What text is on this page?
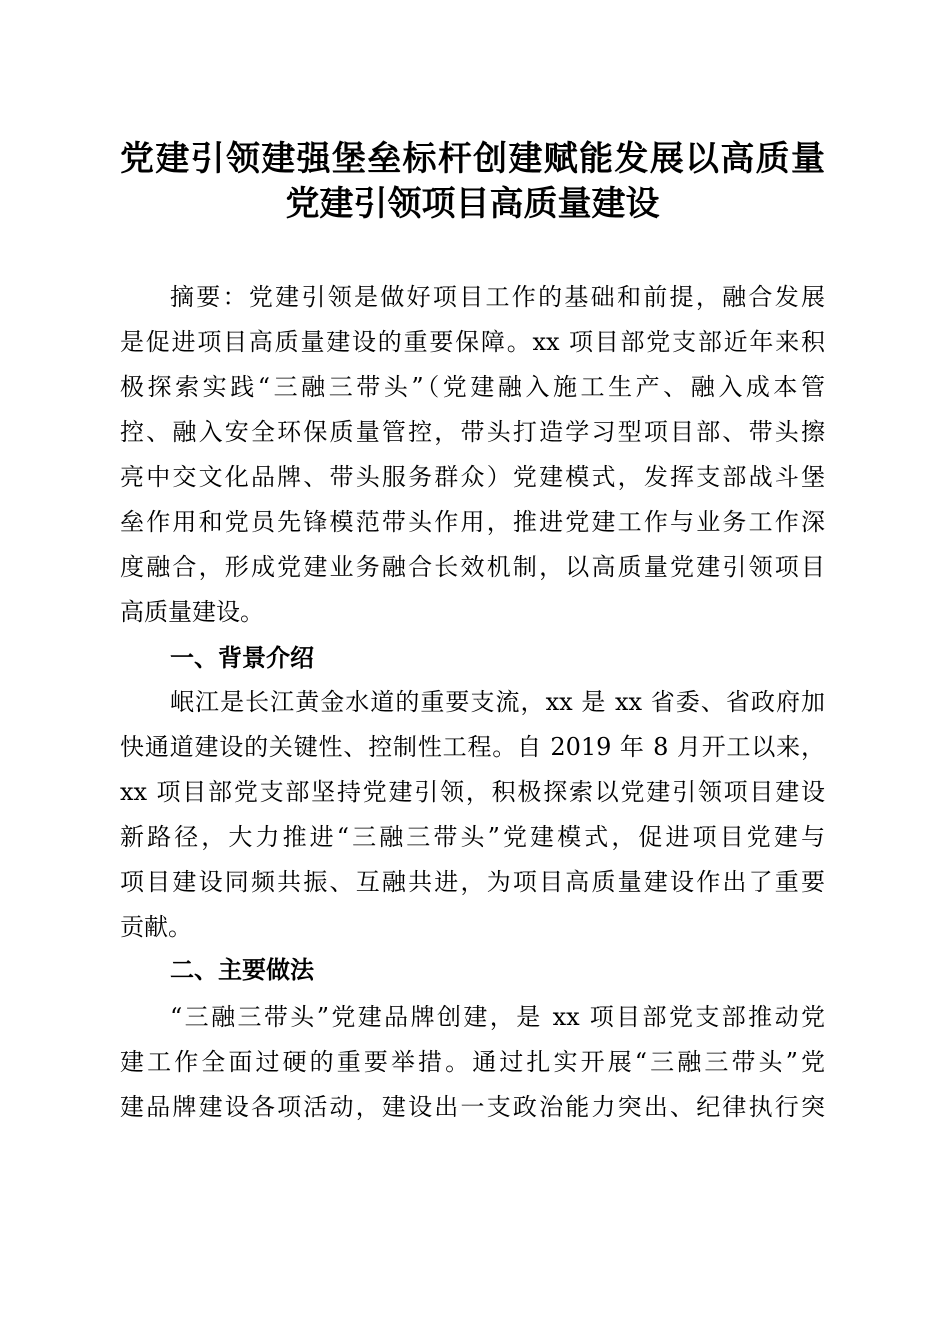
党建引领建强堡垒标杆创建赋能发展以高质量
党建引领项目高质量建设
摘要：党建引领是做好项目工作的基础和前提，融合发展
是促进项目高质量建设的重要保障。xx 项目部党支部近年来积
极探索实践“三融三带头”（党建融入施工生产、融入成本管
控、融入安全环保质量管控，带头打造学习型项目部、带头擦
亮中交文化品牌、带头服务群众）党建模式，发挥支部战斗堡
垒作用和党员先锋模范带头作用，推进党建工作与业务工作深
度融合，形成党建业务融合长效机制，以高质量党建引领项目
高质量建设。
一、背景介绍
岷江是长江黄金水道的重要支流，xx 是 xx 省委、省政府加
快通道建设的关键性、控制性工程。自 2019 年 8 月开工以来，
xx 项目部党支部坚持党建引领，积极探索以党建引领项目建设
新路径，大力推进“三融三带头”党建模式，促进项目党建与
项目建设同频共振、互融共进，为项目高质量建设作出了重要
贡献。
二、主要做法
“三融三带头”党建品牌创建，是 xx 项目部党支部推动党
建工作全面过硬的重要举措。通过扎实开展“三融三带头”党
建品牌建设各项活动，建设出一支政治能力突出、纪律执行突
